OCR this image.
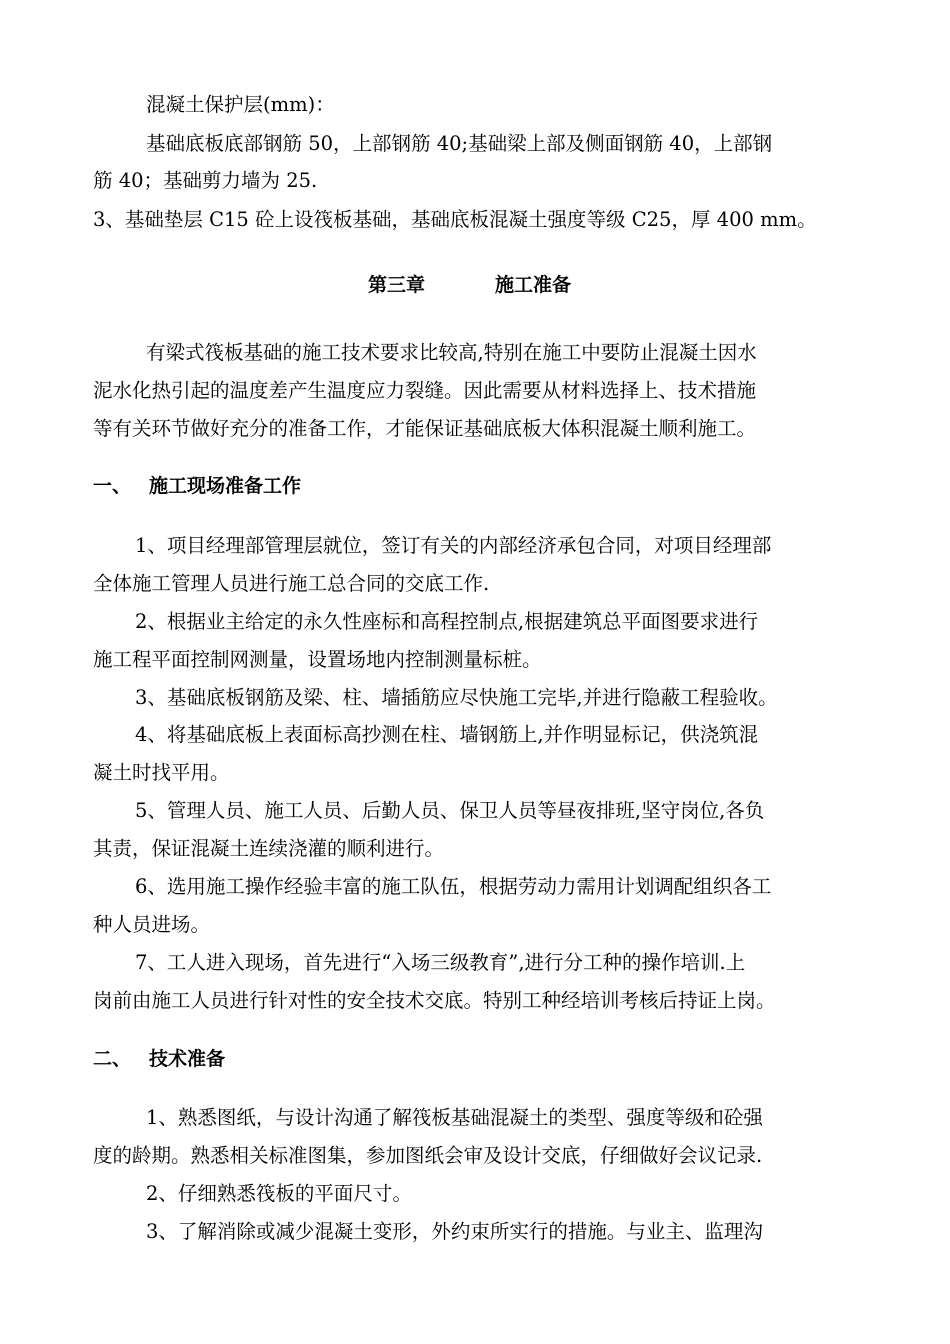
混凝土保护层(mm)：
基础底板底部钢筋 50，上部钢筋 40;基础梁上部及侧面钢筋 40，上部钢
筋 40；基础剪力墙为 25.
3、基础垫层 C15 砼上设筏板基础，基础底板混凝土强度等级 C25，厚 400 mm。
第三章	施工准备
有梁式筏板基础的施工技术要求比较高,特别在施工中要防止混凝土因水
泥水化热引起的温度差产生温度应力裂缝。因此需要从材料选择上、技术措施
等有关环节做好充分的准备工作，才能保证基础底板大体积混凝土顺利施工。
一、 施工现场准备工作
1、项目经理部管理层就位，签订有关的内部经济承包合同，对项目经理部
全体施工管理人员进行施工总合同的交底工作.
2、根据业主给定的永久性座标和高程控制点,根据建筑总平面图要求进行
施工程平面控制网测量，设置场地内控制测量标桩。
3、基础底板钢筋及梁、柱、墙插筋应尽快施工完毕,并进行隐蔽工程验收。
4、将基础底板上表面标高抄测在柱、墙钢筋上,并作明显标记，供浇筑混
凝土时找平用。
5、管理人员、施工人员、后勤人员、保卫人员等昼夜排班,坚守岗位,各负
其责，保证混凝土连续浇灌的顺利进行。
6、选用施工操作经验丰富的施工队伍，根据劳动力需用计划调配组织各工
种人员进场。
7、工人进入现场，首先进行“入场三级教育”,进行分工种的操作培训.上
岗前由施工人员进行针对性的安全技术交底。特别工种经培训考核后持证上岗。
二、 技术准备
1、熟悉图纸，与设计沟通了解筏板基础混凝土的类型、强度等级和砼强
度的龄期。熟悉相关标准图集，参加图纸会审及设计交底，仔细做好会议记录.
2、仔细熟悉筏板的平面尺寸。
3、了解消除或减少混凝土变形，外约束所实行的措施。与业主、监理沟
